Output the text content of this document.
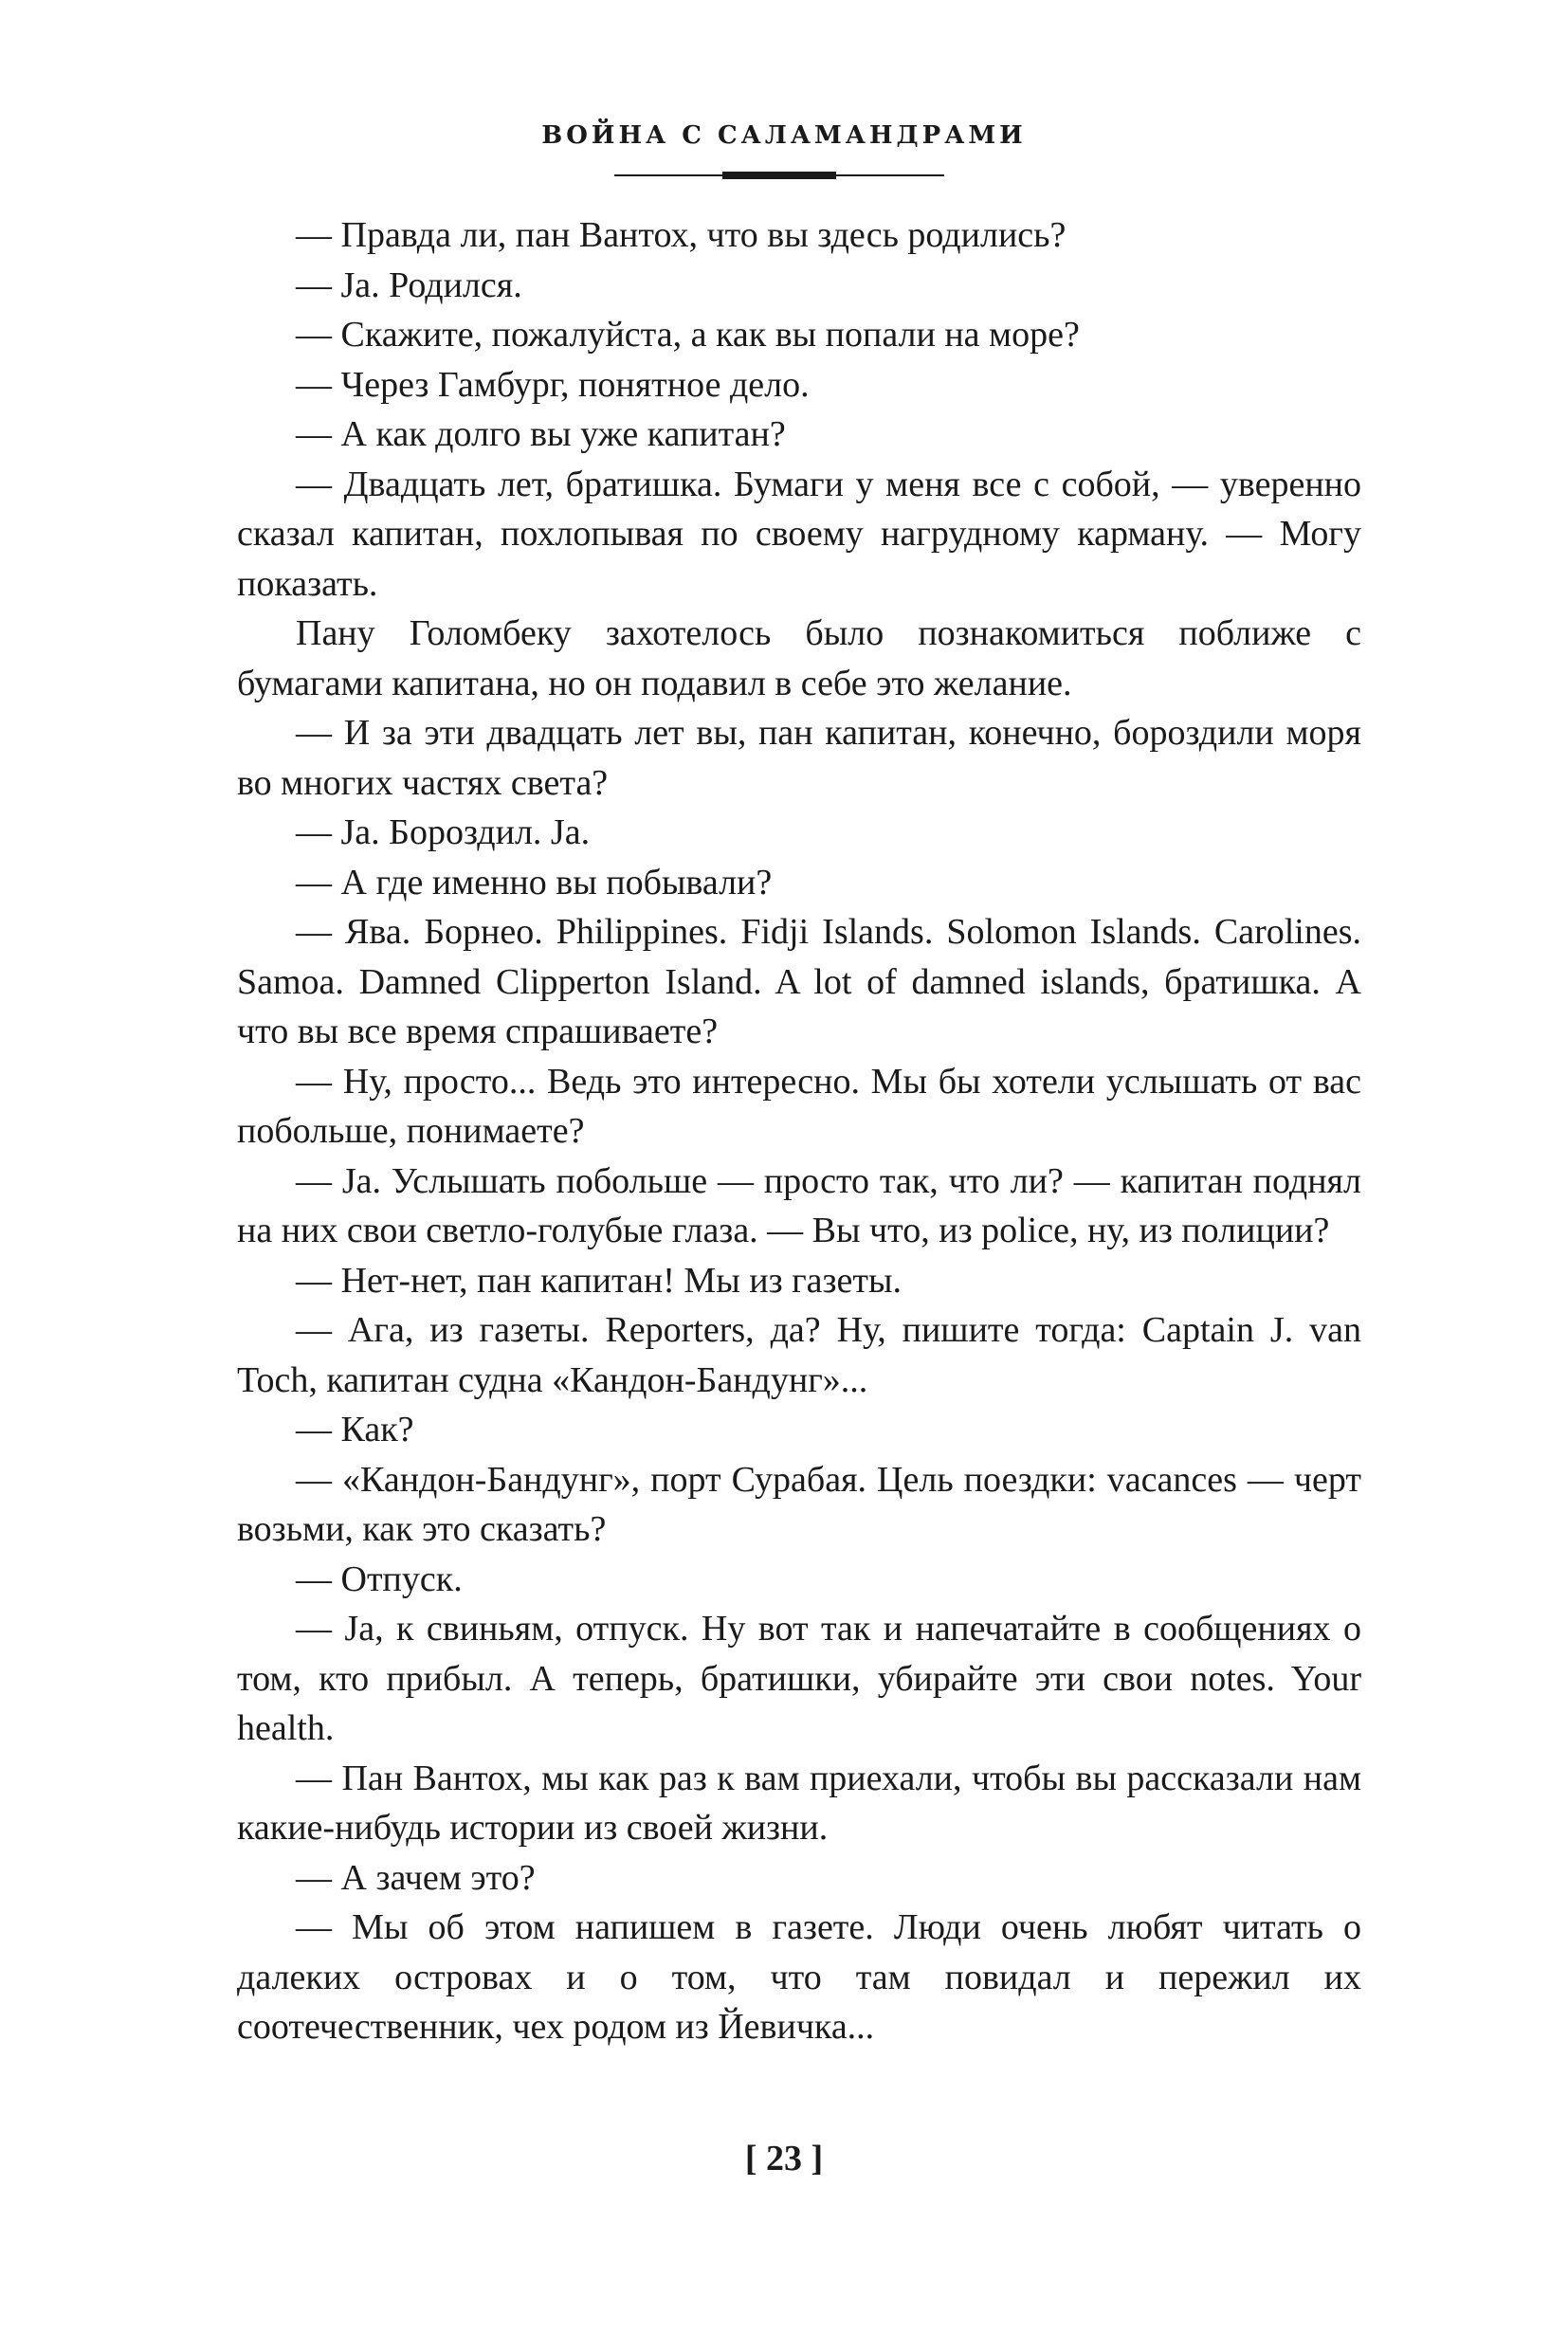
ВОЙНА С САЛАМАНДРАМИ

— Правда ли, пан Вантох, что вы здесь родились?

— Ja. Родился.

— Скажите, пожалуйста, а как вы попали на море?

— Через Гамбург, понятное дело.

— А как долго вы уже капитан?

— Двадцать лет, братишка. Бумаги у меня все с собой, — уверенно сказал капитан, похлопывая по своему нагрудному карману. — Могу показать.

Пану Голомбеку захотелось было познакомиться поближе с бумагами капитана, но он подавил в себе это желание.

— И за эти двадцать лет вы, пан капитан, конечно, бороздили моря во многих частях света?

— Ja. Бороздил. Ja.

— А где именно вы побывали?

— Ява. Борнео. Philippines. Fidji Islands. Solomon Islands. Carolines. Samoa. Damned Clipperton Island. A lot of damned islands, братишка. А что вы все время спрашиваете?

— Ну, просто... Ведь это интересно. Мы бы хотели услышать от вас побольше, понимаете?

— Ja. Услышать побольше — просто так, что ли? — капитан поднял на них свои светло-голубые глаза. — Вы что, из police, ну, из полиции?

— Нет-нет, пан капитан! Мы из газеты.

— Ага, из газеты. Reporters, да? Ну, пишите тогда: Captain J. van Toch, капитан судна «Кандон-Бандунг»...

— Как?

— «Кандон-Бандунг», порт Сурабая. Цель поездки: vacances — черт возьми, как это сказать?

— Отпуск.

— Ja, к свиньям, отпуск. Ну вот так и напечатайте в сообщениях о том, кто прибыл. А теперь, братишки, убирайте эти свои notes. Your health.

— Пан Вантох, мы как раз к вам приехали, чтобы вы рассказали нам какие-нибудь истории из своей жизни.

— А зачем это?

— Мы об этом напишем в газете. Люди очень любят читать о далеких островах и о том, что там повидал и пережил их соотечественник, чех родом из Йевичка...

[ 23 ]
